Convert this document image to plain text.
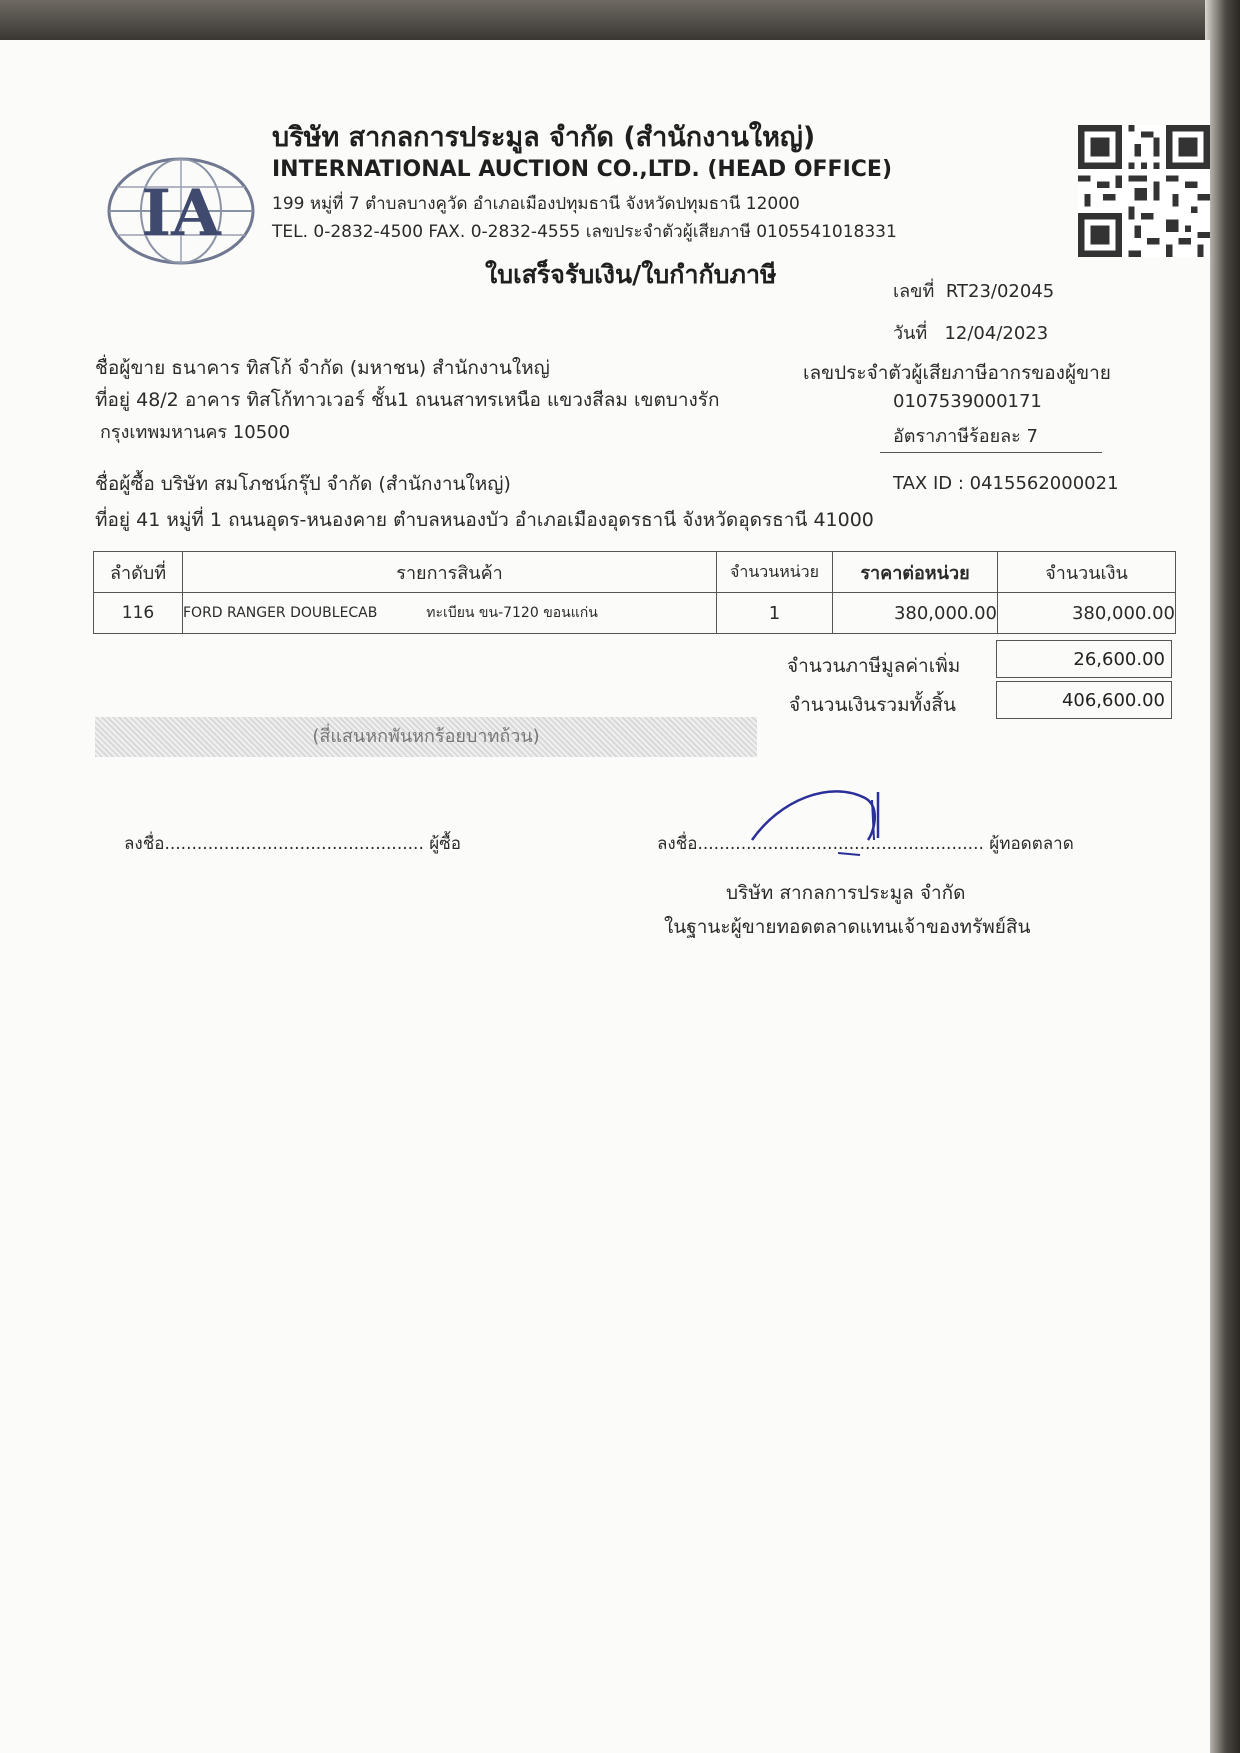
IA
บริษัท สากลการประมูล จำกัด (สำนักงานใหญ่)
INTERNATIONAL AUCTION CO.,LTD. (HEAD OFFICE)
199 หมู่ที่ 7 ตำบลบางคูวัด อำเภอเมืองปทุมธานี จังหวัดปทุมธานี 12000
TEL. 0-2832-4500 FAX. 0-2832-4555 เลขประจำตัวผู้เสียภาษี 0105541018331
ใบเสร็จรับเงิน/ใบกำกับภาษี
เลขที่ RT23/02045
วันที่ 12/04/2023
ชื่อผู้ขาย ธนาคาร ทิสโก้ จำกัด (มหาชน) สำนักงานใหญ่
ที่อยู่ 48/2 อาคาร ทิสโก้ทาวเวอร์ ชั้น1 ถนนสาทรเหนือ แขวงสีลม เขตบางรัก
กรุงเทพมหานคร 10500
เลขประจำตัวผู้เสียภาษีอากรของผู้ขาย
0107539000171
อัตราภาษีร้อยละ 7
ชื่อผู้ซื้อ บริษัท สมโภชน์กรุ๊ป จำกัด (สำนักงานใหญ่)	TAX ID : 0415562000021
ที่อยู่ 41 หมู่ที่ 1 ถนนอุดร-หนองคาย ตำบลหนองบัว อำเภอเมืองอุดรธานี จังหวัดอุดรธานี 41000
ลำดับที่	รายการสินค้า	จำนวนหน่วย	ราคาต่อหน่วย	จำนวนเงิน
116	FORD RANGER DOUBLECAB ทะเบียน ขน-7120 ขอนแก่น	1	380,000.00	380,000.00
จำนวนภาษีมูลค่าเพิ่ม	26,600.00
(สี่แสนหกพันหกร้อยบาทถ้วน)
จำนวนเงินรวมทั้งสิ้น	406,600.00
ลงชื่อ................................................ ผู้ซื้อ	ลงชื่อ..................................................... ผู้ทอดตลาด
บริษัท สากลการประมูล จำกัด
ในฐานะผู้ขายทอดตลาดแทนเจ้าของทรัพย์สิน
